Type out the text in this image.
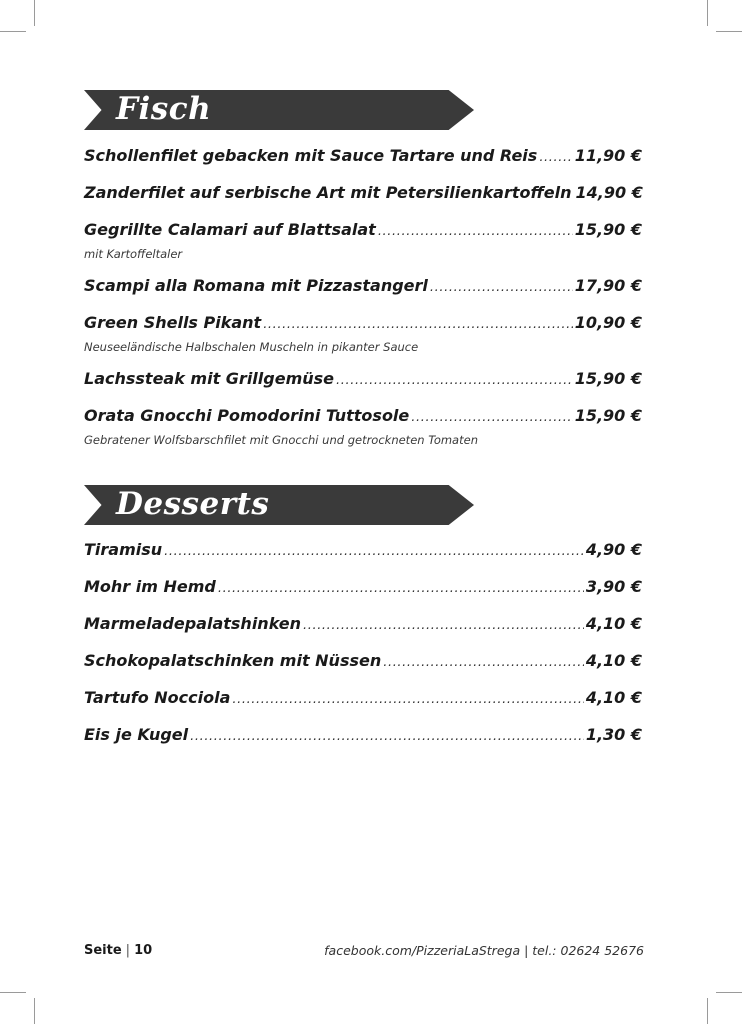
Fisch
Schollenfilet gebacken mit Sauce Tartare und Reis ..... 11,90 €
Zanderfilet auf serbische Art mit Petersilienkartoffeln 14,90 €
Gegrillte Calamari auf Blattsalat .....	15,90 €
mit Kartoffeltaler
Scampi alla Romana mit Pizzastangerl .....	17,90 €
Green Shells Pikant .....	10,90 €
Neuseeländische Halbschalen Muscheln in pikanter Sauce
Lachssteak mit Grillgemüse .....	15,90 €
Orata Gnocchi Pomodorini Tuttosole .....	15,90 €
Gebratener Wolfsbarschfilet mit Gnocchi und getrockneten Tomaten
Desserts
Tiramisu .....	4,90 €
Mohr im Hemd .....	3,90 €
Marmeladepalatshinken .....	4,10 €
Schokopalatschinken mit Nüssen .....	4,10 €
Tartufo Nocciola .....	4,10 €
Eis je Kugel .....	1,30 €
Seite | 10	facebook.com/PizzeriaLaStrega | tel.: 02624 52676
